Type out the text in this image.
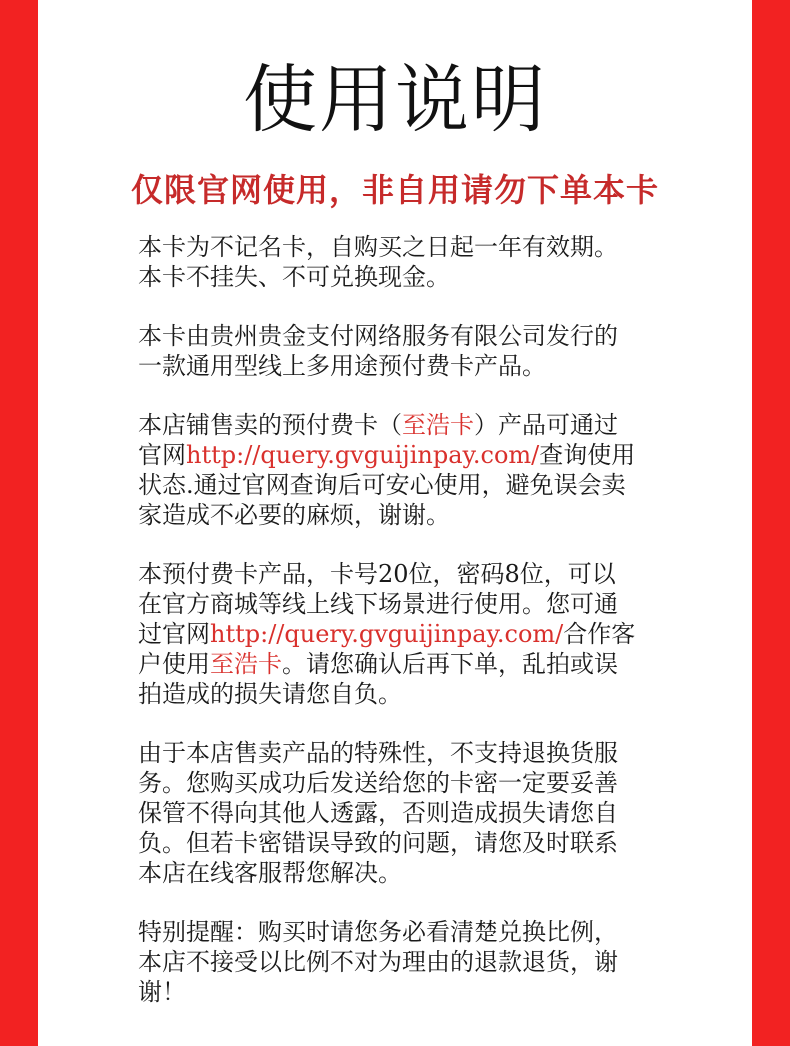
使用说明
仅限官网使用，非自用请勿下单本卡
本卡为不记名卡，自购买之日起一年有效期。
本卡不挂失、不可兑换现金。
本卡由贵州贵金支付网络服务有限公司发行的
一款通用型线上多用途预付费卡产品。
本店铺售卖的预付费卡（至浩卡）产品可通过
官网http://query.gvguijinpay.com/查询使用
状态.通过官网查询后可安心使用，避免误会卖
家造成不必要的麻烦，谢谢。
本预付费卡产品，卡号20位，密码8位，可以
在官方商城等线上线下场景进行使用。您可通
过官网http://query.gvguijinpay.com/合作客
户使用至浩卡。请您确认后再下单，乱拍或误
拍造成的损失请您自负。
由于本店售卖产品的特殊性，不支持退换货服
务。您购买成功后发送给您的卡密一定要妥善
保管不得向其他人透露，否则造成损失请您自
负。但若卡密错误导致的问题，请您及时联系
本店在线客服帮您解决。
特别提醒：购买时请您务必看清楚兑换比例，
本店不接受以比例不对为理由的退款退货，谢
谢！
